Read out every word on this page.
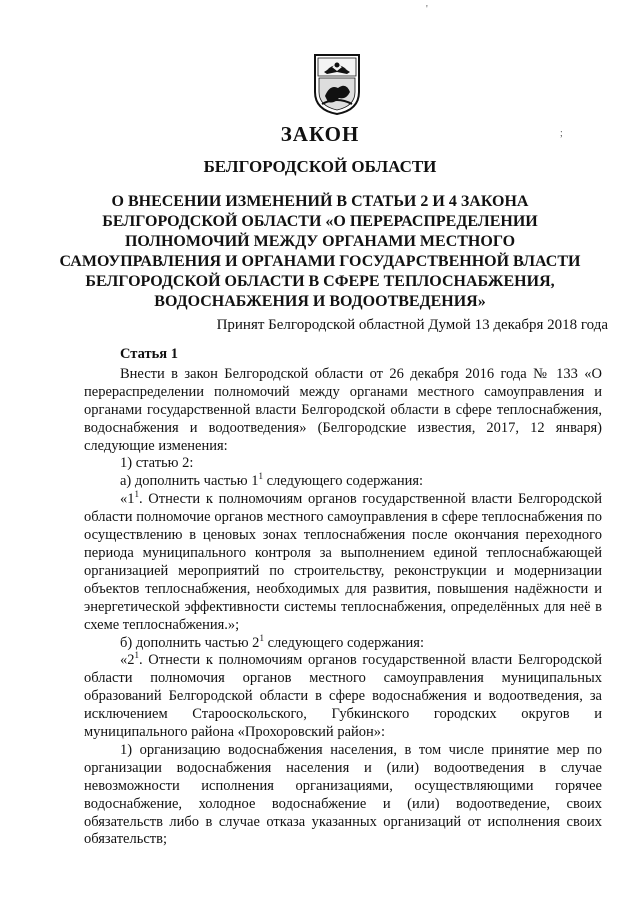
'
;
ЗАКОН
БЕЛГОРОДСКОЙ ОБЛАСТИ
О ВНЕСЕНИИ ИЗМЕНЕНИЙ В СТАТЬИ 2 И 4 ЗАКОНА
БЕЛГОРОДСКОЙ ОБЛАСТИ «О ПЕРЕРАСПРЕДЕЛЕНИИ
ПОЛНОМОЧИЙ МЕЖДУ ОРГАНАМИ МЕСТНОГО
САМОУПРАВЛЕНИЯ И ОРГАНАМИ ГОСУДАРСТВЕННОЙ ВЛАСТИ
БЕЛГОРОДСКОЙ ОБЛАСТИ В СФЕРЕ ТЕПЛОСНАБЖЕНИЯ,
ВОДОСНАБЖЕНИЯ И ВОДООТВЕДЕНИЯ»
Принят Белгородской областной Думой 13 декабря 2018 года

Статья 1

Внести в закон Белгородской области от 26 декабря 2016 года № 133 «О перераспределении полномочий между органами местного самоуправления и органами государственной власти Белгородской области в сфере теплоснабжения, водоснабжения и водоотведения» (Белгородские известия, 2017, 12 января) следующие изменения:

1) статью 2:

а) дополнить частью $1^1$ следующего содержания:

«$1^1$. Отнести к полномочиям органов государственной власти Белгородской области полномочие органов местного самоуправления в сфере теплоснабжения по осуществлению в ценовых зонах теплоснабжения после окончания переходного периода муниципального контроля за выполнением единой теплоснабжающей организацией мероприятий по строительству, реконструкции и модернизации объектов теплоснабжения, необходимых для развития, повышения надёжности и энергетической эффективности системы теплоснабжения, определённых для неё в схеме теплоснабжения.»;

б) дополнить частью $2^1$ следующего содержания:

«$2^1$. Отнести к полномочиям органов государственной власти Белгородской области полномочия органов местного самоуправления муниципальных образований Белгородской области в сфере водоснабжения и водоотведения, за исключением Старооскольского, Губкинского городских округов и муниципального района «Прохоровский район»:

1) организацию водоснабжения населения, в том числе принятие мер по организации водоснабжения населения и (или) водоотведения в случае невозможности исполнения организациями, осуществляющими горячее водоснабжение, холодное водоснабжение и (или) водоотведение, своих обязательств либо в случае отказа указанных организаций от исполнения своих обязательств;
